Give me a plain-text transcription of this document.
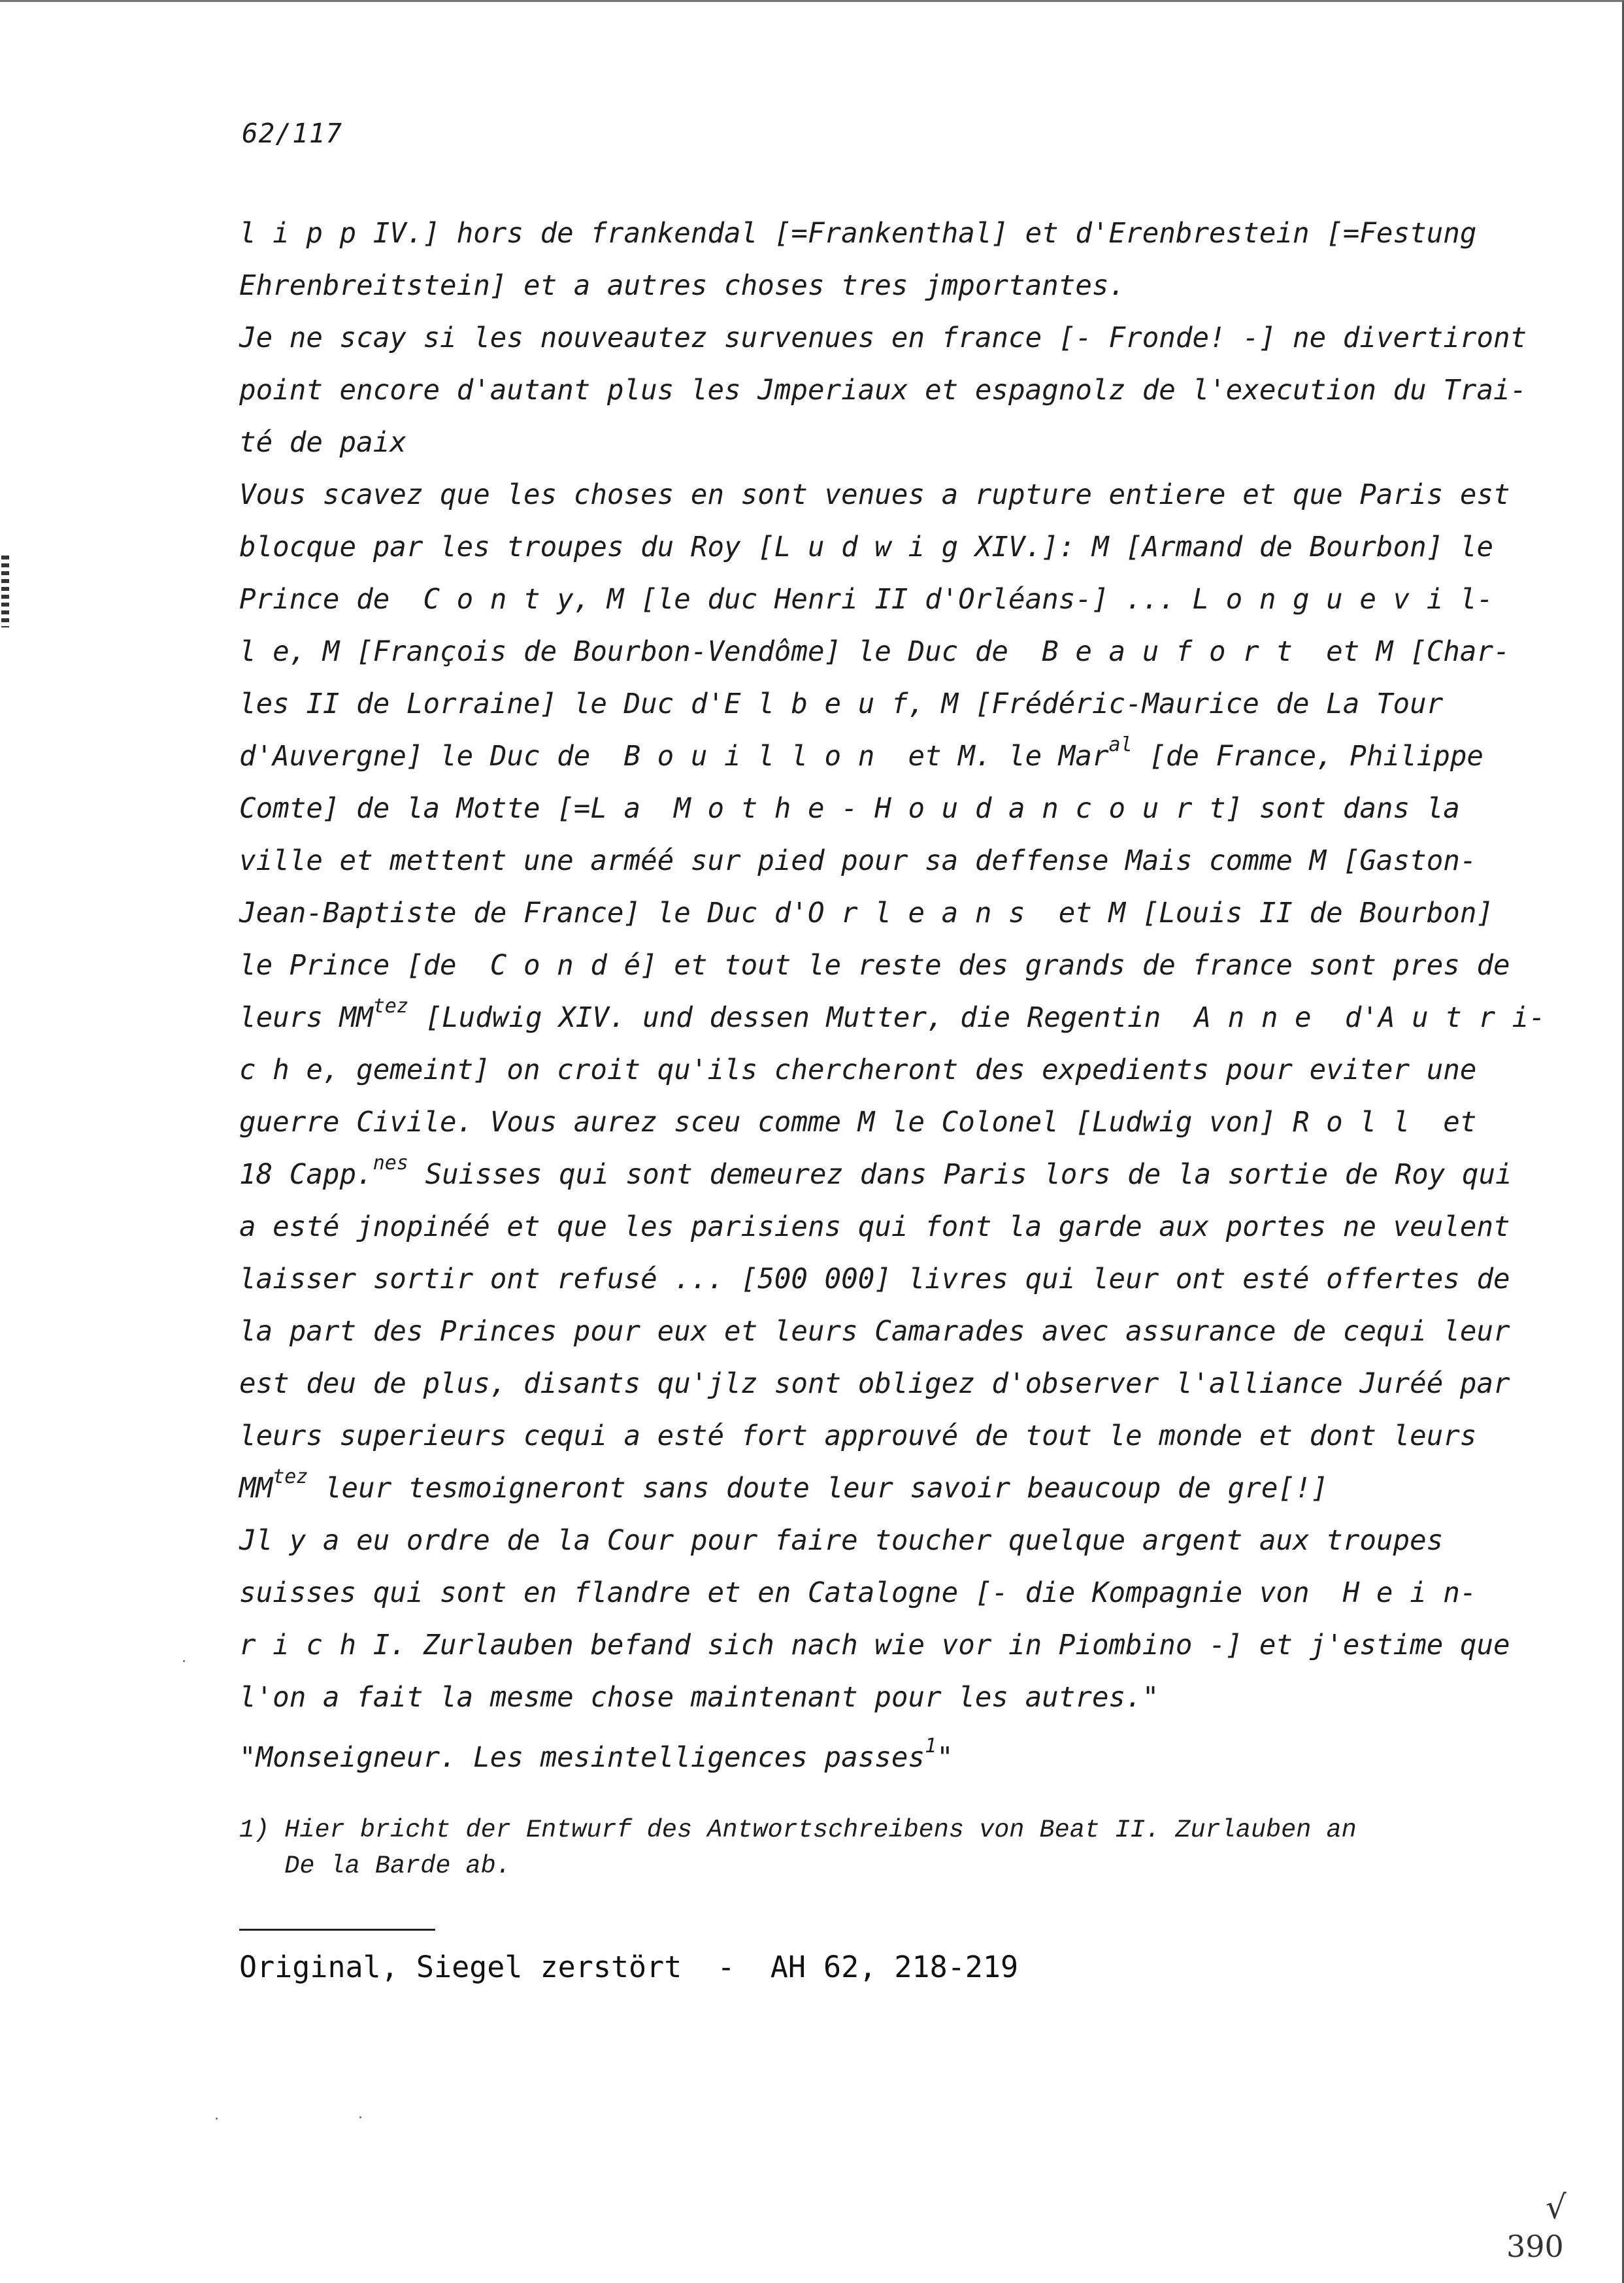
62/117
l i p p IV.] hors de frankendal [=Frankenthal] et d'Erenbrestein [=Festung
Ehrenbreitstein] et a autres choses tres jmportantes.
Je ne scay si les nouveautez survenues en france [- Fronde! -] ne divertiront
point encore d'autant plus les Jmperiaux et espagnolz de l'execution du Trai-
té de paix
Vous scavez que les choses en sont venues a rupture entiere et que Paris est
blocque par les troupes du Roy [L u d w i g XIV.]: M [Armand de Bourbon] le
Prince de  C o n t y, M [le duc Henri II d'Orléans-] ... L o n g u e v i l-
l e, M [François de Bourbon-Vendôme] le Duc de  B e a u f o r t  et M [Char-
les II de Lorraine] le Duc d'E l b e u f, M [Frédéric-Maurice de La Tour
d'Auvergne] le Duc de  B o u i l l o n  et M. le Mar$^{al}$ [de France, Philippe
Comte] de la Motte [=L a  M o t h e - H o u d a n c o u r t] sont dans la
ville et mettent une arméé sur pied pour sa deffense Mais comme M [Gaston-
Jean-Baptiste de France] le Duc d'O r l e a n s  et M [Louis II de Bourbon]
le Prince [de  C o n d é] et tout le reste des grands de france sont pres de
leurs $MM^{tez}$ [Ludwig XIV. und dessen Mutter, die Regentin  A n n e  d'A u t r i-
c h e, gemeint] on croit qu'ils chercheront des expedients pour eviter une
guerre Civile. Vous aurez sceu comme M le Colonel [Ludwig von] R o l l  et
18 Capp.$^{nes}$ Suisses qui sont demeurez dans Paris lors de la sortie de Roy qui
a esté jnopinéé et que les parisiens qui font la garde aux portes ne veulent
laisser sortir ont refusé ... [500 000] livres qui leur ont esté offertes de
la part des Princes pour eux et leurs Camarades avec assurance de cequi leur
est deu de plus, disants qu'jlz sont obligez d'observer l'alliance Juréé par
leurs superieurs cequi a esté fort approuvé de tout le monde et dont leurs
$MM^{tez}$ leur tesmoigneront sans doute leur savoir beaucoup de gre[!]
Jl y a eu ordre de la Cour pour faire toucher quelque argent aux troupes
suisses qui sont en flandre et en Catalogne [- die Kompagnie von  H e i n-
r i c h I. Zurlauben befand sich nach wie vor in Piombino -] et j'estime que
l'on a fait la mesme chose maintenant pour les autres."
"Monseigneur. Les mesintelligences passes$^1$"
1) Hier bricht der Entwurf des Antwortschreibens von Beat II. Zurlauben an
De la Barde ab.
Original, Siegel zerstört  -  AH 62, 218-219
√
390
